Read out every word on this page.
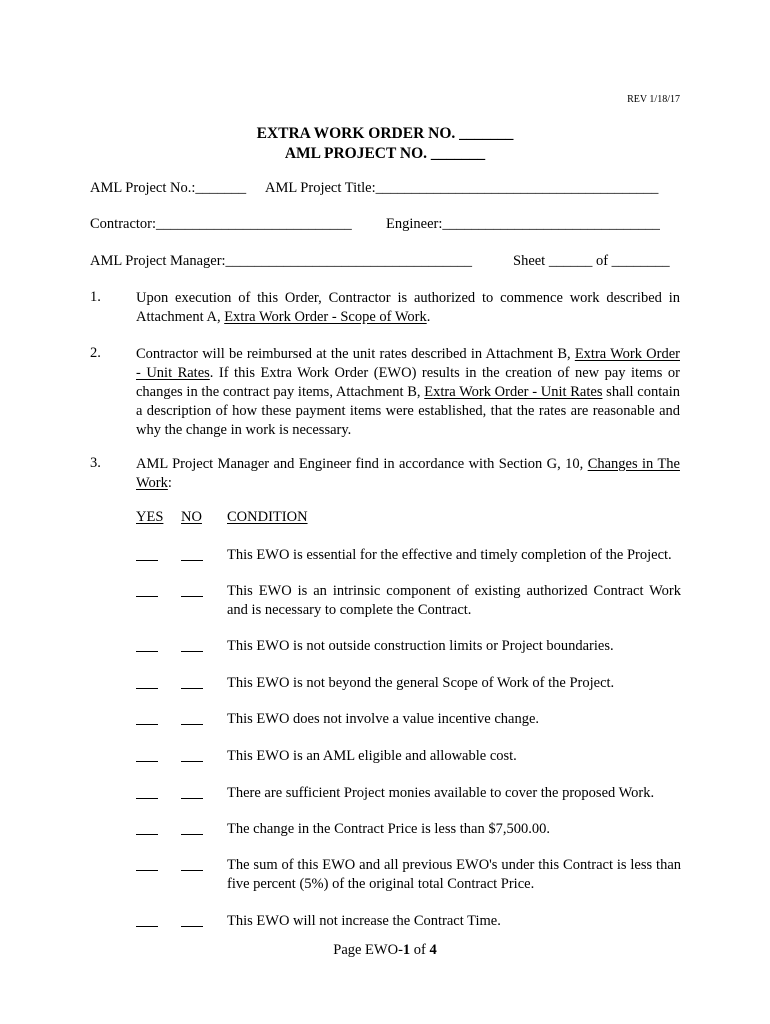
REV 1/18/17
EXTRA WORK ORDER NO. _______
AML PROJECT NO. _______
AML Project No.:_______ AML Project Title:_______________________________________
Contractor:___________________________ Engineer:______________________________
AML Project Manager:__________________________________	Sheet ______ of ________
1. Upon execution of this Order, Contractor is authorized to commence work described in Attachment A, Extra Work Order - Scope of Work.
2. Contractor will be reimbursed at the unit rates described in Attachment B, Extra Work Order - Unit Rates. If this Extra Work Order (EWO) results in the creation of new pay items or changes in the contract pay items, Attachment B, Extra Work Order - Unit Rates shall contain a description of how these payment items were established, that the rates are reasonable and why the change in work is necessary.
3. AML Project Manager and Engineer find in accordance with Section G, 10, Changes in The Work:
YES NO CONDITION
This EWO is essential for the effective and timely completion of the Project.
This EWO is an intrinsic component of existing authorized Contract Work and is necessary to complete the Contract.
This EWO is not outside construction limits or Project boundaries.
This EWO is not beyond the general Scope of Work of the Project.
This EWO does not involve a value incentive change.
This EWO is an AML eligible and allowable cost.
There are sufficient Project monies available to cover the proposed Work.
The change in the Contract Price is less than $7,500.00.
The sum of this EWO and all previous EWO's under this Contract is less than five percent (5%) of the original total Contract Price.
This EWO will not increase the Contract Time.
Page EWO-1 of 4
